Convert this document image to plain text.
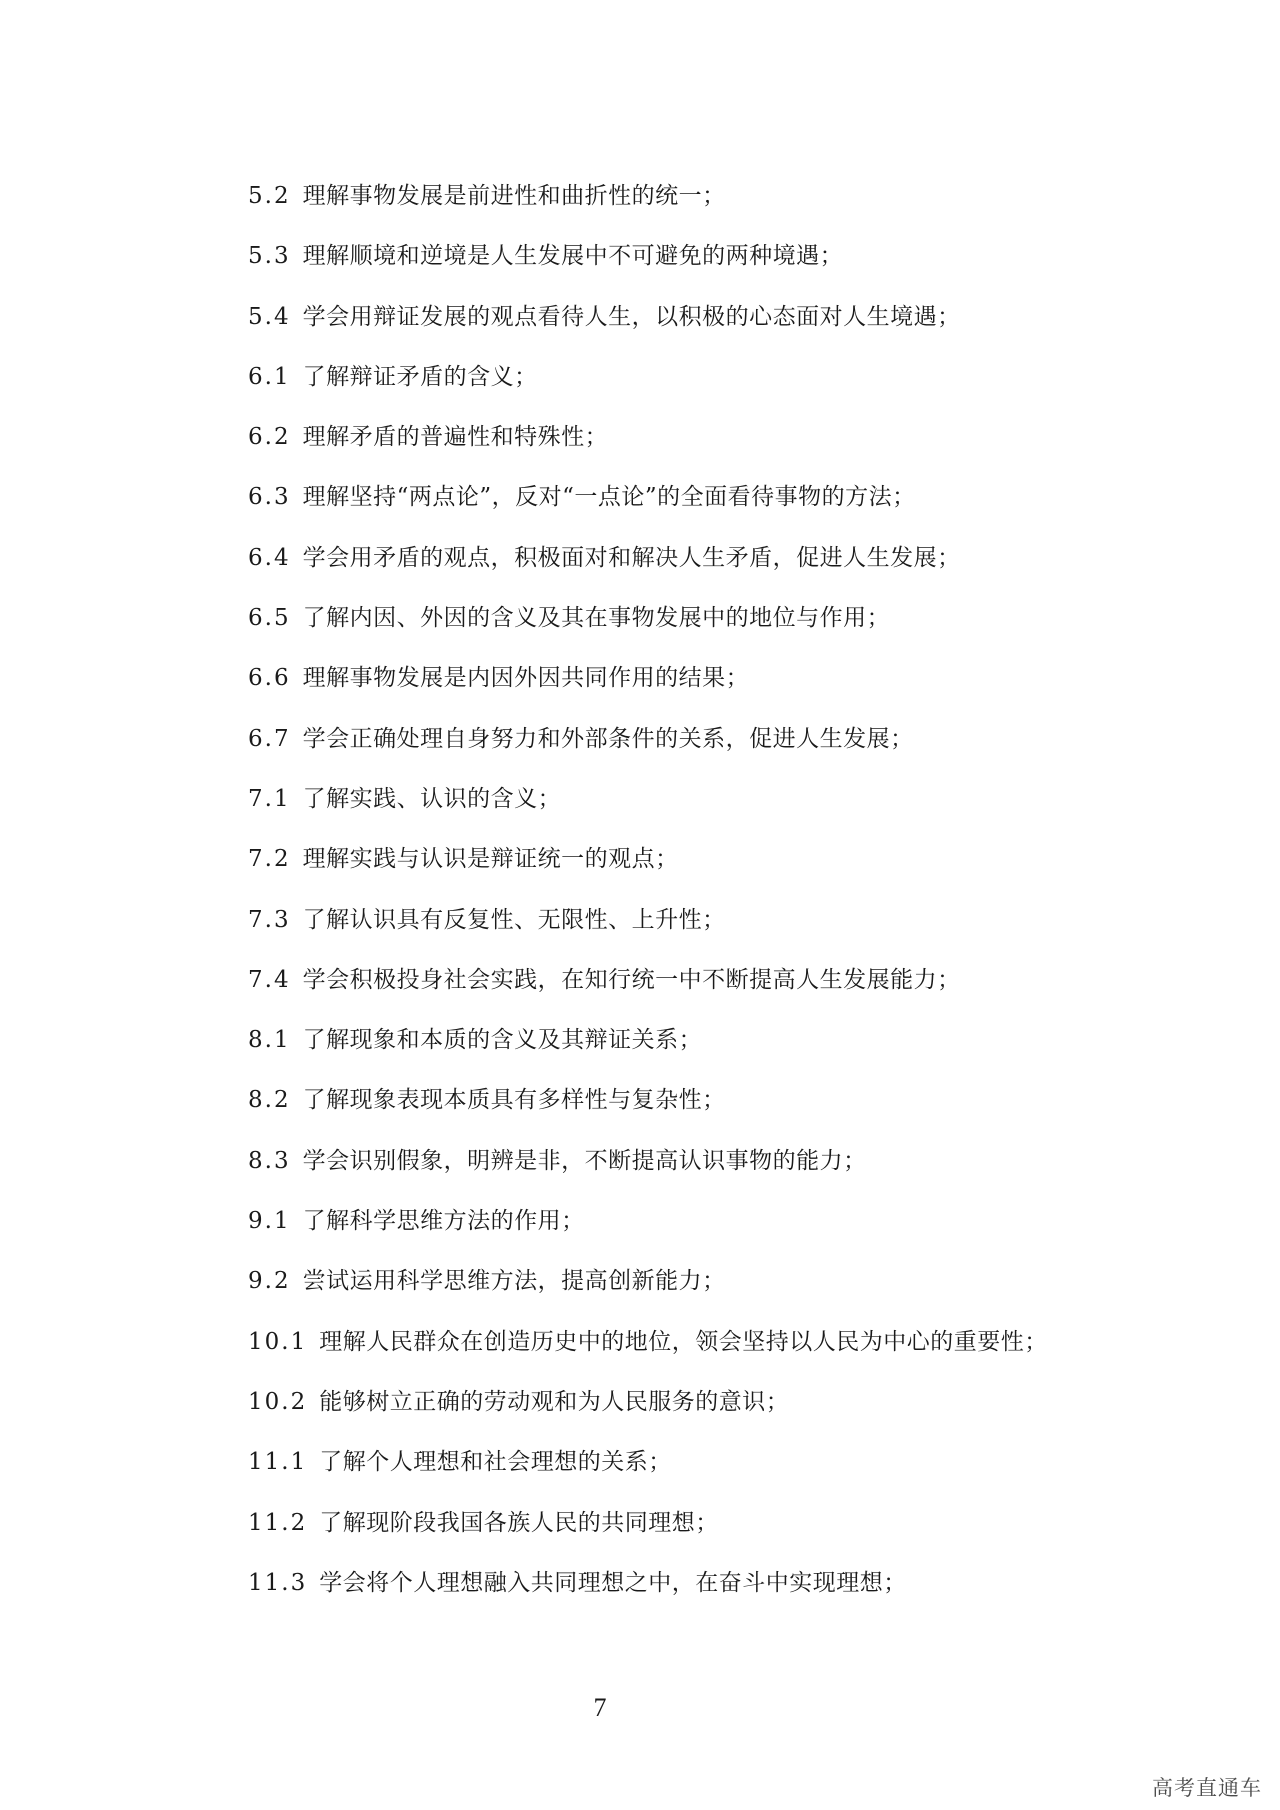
5.2 理解事物发展是前进性和曲折性的统一；
5.3 理解顺境和逆境是人生发展中不可避免的两种境遇；
5.4 学会用辩证发展的观点看待人生，以积极的心态面对人生境遇；
6.1 了解辩证矛盾的含义；
6.2 理解矛盾的普遍性和特殊性；
6.3 理解坚持“两点论”，反对“一点论”的全面看待事物的方法；
6.4 学会用矛盾的观点，积极面对和解决人生矛盾，促进人生发展；
6.5 了解内因、外因的含义及其在事物发展中的地位与作用；
6.6 理解事物发展是内因外因共同作用的结果；
6.7 学会正确处理自身努力和外部条件的关系，促进人生发展；
7.1 了解实践、认识的含义；
7.2 理解实践与认识是辩证统一的观点；
7.3 了解认识具有反复性、无限性、上升性；
7.4 学会积极投身社会实践，在知行统一中不断提高人生发展能力；
8.1 了解现象和本质的含义及其辩证关系；
8.2 了解现象表现本质具有多样性与复杂性；
8.3 学会识别假象，明辨是非，不断提高认识事物的能力；
9.1 了解科学思维方法的作用；
9.2 尝试运用科学思维方法，提高创新能力；
10.1 理解人民群众在创造历史中的地位，领会坚持以人民为中心的重要性；
10.2 能够树立正确的劳动观和为人民服务的意识；
11.1 了解个人理想和社会理想的关系；
11.2 了解现阶段我国各族人民的共同理想；
11.3 学会将个人理想融入共同理想之中，在奋斗中实现理想；
7
高考直通车
